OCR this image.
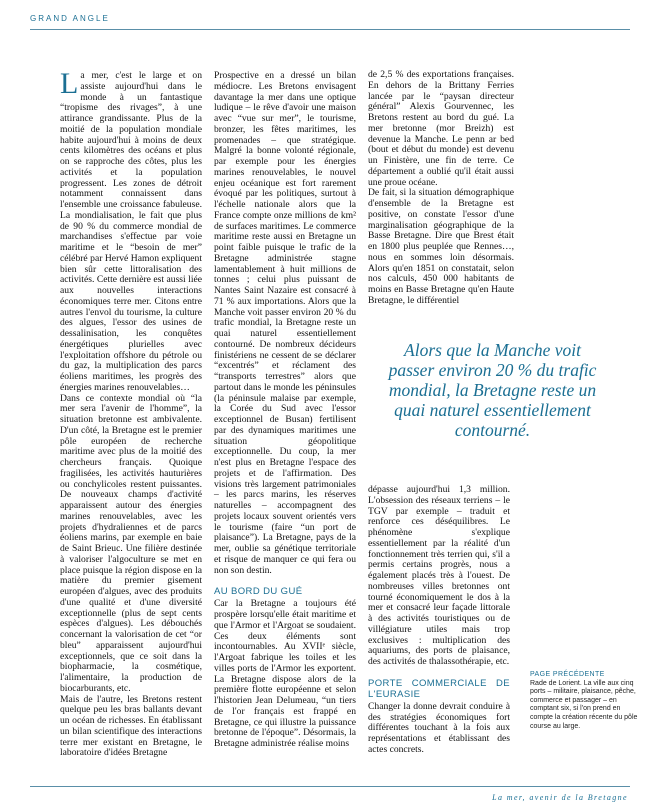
GRAND ANGLE

La mer, c'est le large et on assiste aujourd'hui dans le monde à un fantastique “tropisme des rivages”, à une attirance grandissante. Plus de la moitié de la population mondiale habite aujourd'hui à moins de deux cents kilomètres des océans et plus on se rapproche des côtes, plus les activités et la population progressent. Les zones de détroit notamment connaissent dans l'ensemble une croissance fabuleuse. La mondialisation, le fait que plus de 90 % du commerce mondial de marchandises s'effectue par voie maritime et le “besoin de mer” célébré par Hervé Hamon expliquent bien sûr cette littoralisation des activités. Cette dernière est aussi liée aux nouvelles interactions économiques terre mer. Citons entre autres l'envol du tourisme, la culture des algues, l'essor des usines de dessalinisation, les conquêtes énergétiques plurielles avec l'exploitation offshore du pétrole ou du gaz, la multiplication des parcs éoliens maritimes, les progrès des énergies marines renouvelables…

Dans ce contexte mondial où “la mer sera l'avenir de l'homme”, la situation bretonne est ambivalente. D'un côté, la Bretagne est le premier pôle européen de recherche maritime avec plus de la moitié des chercheurs français. Quoique fragilisées, les activités hauturières ou conchylicoles restent puissantes. De nouveaux champs d'activité apparaissent autour des énergies marines renouvelables, avec les projets d'hydraliennes et de parcs éoliens marins, par exemple en baie de Saint Brieuc. Une filière destinée à valoriser l'algoculture se met en place puisque la région dispose en la matière du premier gisement européen d'algues, avec des produits d'une qualité et d'une diversité exceptionnelle (plus de sept cents espèces d'algues). Les débouchés concernant la valorisation de cet “or bleu” apparaissent aujourd'hui exceptionnels, que ce soit dans la biopharmacie, la cosmétique, l'alimentaire, la production de biocarburants, etc.

Mais de l'autre, les Bretons restent quelque peu les bras ballants devant un océan de richesses. En établissant un bilan scientifique des interactions terre mer existant en Bretagne, le laboratoire d'idées Bretagne

Prospective en a dressé un bilan médiocre. Les Bretons envisagent davantage la mer dans une optique ludique – le rêve d'avoir une maison avec “vue sur mer”, le tourisme, bronzer, les fêtes maritimes, les promenades – que stratégique. Malgré la bonne volonté régionale, par exemple pour les énergies marines renouvelables, le nouvel enjeu océanique est fort rarement évoqué par les politiques, surtout à l'échelle nationale alors que la France compte onze millions de km² de surfaces maritimes. Le commerce maritime reste aussi en Bretagne un point faible puisque le trafic de la Bretagne administrée stagne lamentablement à huit millions de tonnes ; celui plus puissant de Nantes Saint Nazaire est consacré à 71 % aux importations. Alors que la Manche voit passer environ 20 % du trafic mondial, la Bretagne reste un quai naturel essentiellement contourné. De nombreux décideurs finistériens ne cessent de se déclarer “excentrés” et réclament des “transports terrestres” alors que partout dans le monde les péninsules (la péninsule malaise par exemple, la Corée du Sud avec l'essor exceptionnel de Busan) fertilisent par des dynamiques maritimes une situation géopolitique exceptionnelle. Du coup, la mer n'est plus en Bretagne l'espace des projets et de l'affirmation. Des visions très largement patrimoniales – les parcs marins, les réserves naturelles – accompagnent des projets locaux souvent orientés vers le tourisme (faire “un port de plaisance”). La Bretagne, pays de la mer, oublie sa génétique territoriale et risque de manquer ce qui fera ou non son destin.

AU BORD DU GUÉ

Car la Bretagne a toujours été prospère lorsqu'elle était maritime et que l'Armor et l'Argoat se soudaient. Ces deux éléments sont incontournables. Au XVIIᵉ siècle, l'Argoat fabrique les toiles et les villes ports de l'Armor les exportent. La Bretagne dispose alors de la première flotte européenne et selon l'historien Jean Delumeau, “un tiers de l'or français est frappé en Bretagne, ce qui illustre la puissance bretonne de l'époque”. Désormais, la Bretagne administrée réalise moins

de 2,5 % des exportations françaises. En dehors de la Brittany Ferries lancée par le “paysan directeur général” Alexis Gourvennec, les Bretons restent au bord du gué. La mer bretonne (mor Breizh) est devenue la Manche. Le penn ar bed (bout et début du monde) est devenu un Finistère, une fin de terre. Ce département a oublié qu'il était aussi une proue océane.

De fait, si la situation démographique d'ensemble de la Bretagne est positive, on constate l'essor d'une marginalisation géographique de la Basse Bretagne. Dire que Brest était en 1800 plus peuplée que Rennes…, nous en sommes loin désormais. Alors qu'en 1851 on constatait, selon nos calculs, 450 000 habitants de moins en Basse Bretagne qu'en Haute Bretagne, le différentiel

Alors que la Manche voit passer environ 20 % du trafic mondial, la Bretagne reste un quai naturel essentiellement contourné.

dépasse aujourd'hui 1,3 million. L'obsession des réseaux terriens – le TGV par exemple – traduit et renforce ces déséquilibres. Le phénomène s'explique essentiellement par la réalité d'un fonctionnement très terrien qui, s'il a permis certains progrès, nous a également placés très à l'ouest. De nombreuses villes bretonnes ont tourné économiquement le dos à la mer et consacré leur façade littorale à des activités touristiques ou de villégiature utiles mais trop exclusives : multiplication des aquariums, des ports de plaisance, des activités de thalassothérapie, etc.

PORTE COMMERCIALE DE L'EURASIE

Changer la donne devrait conduire à des stratégies économiques fort différentes touchant à la fois aux représentations et établissant des actes concrets.

PAGE PRÉCÉDENTE
Rade de Lorient. La ville aux cinq ports – militaire, plaisance, pêche, commerce et passager – en comptant six, si l'on prend en compte la création récente du pôle course au large.
La mer, avenir de la Bretagne
